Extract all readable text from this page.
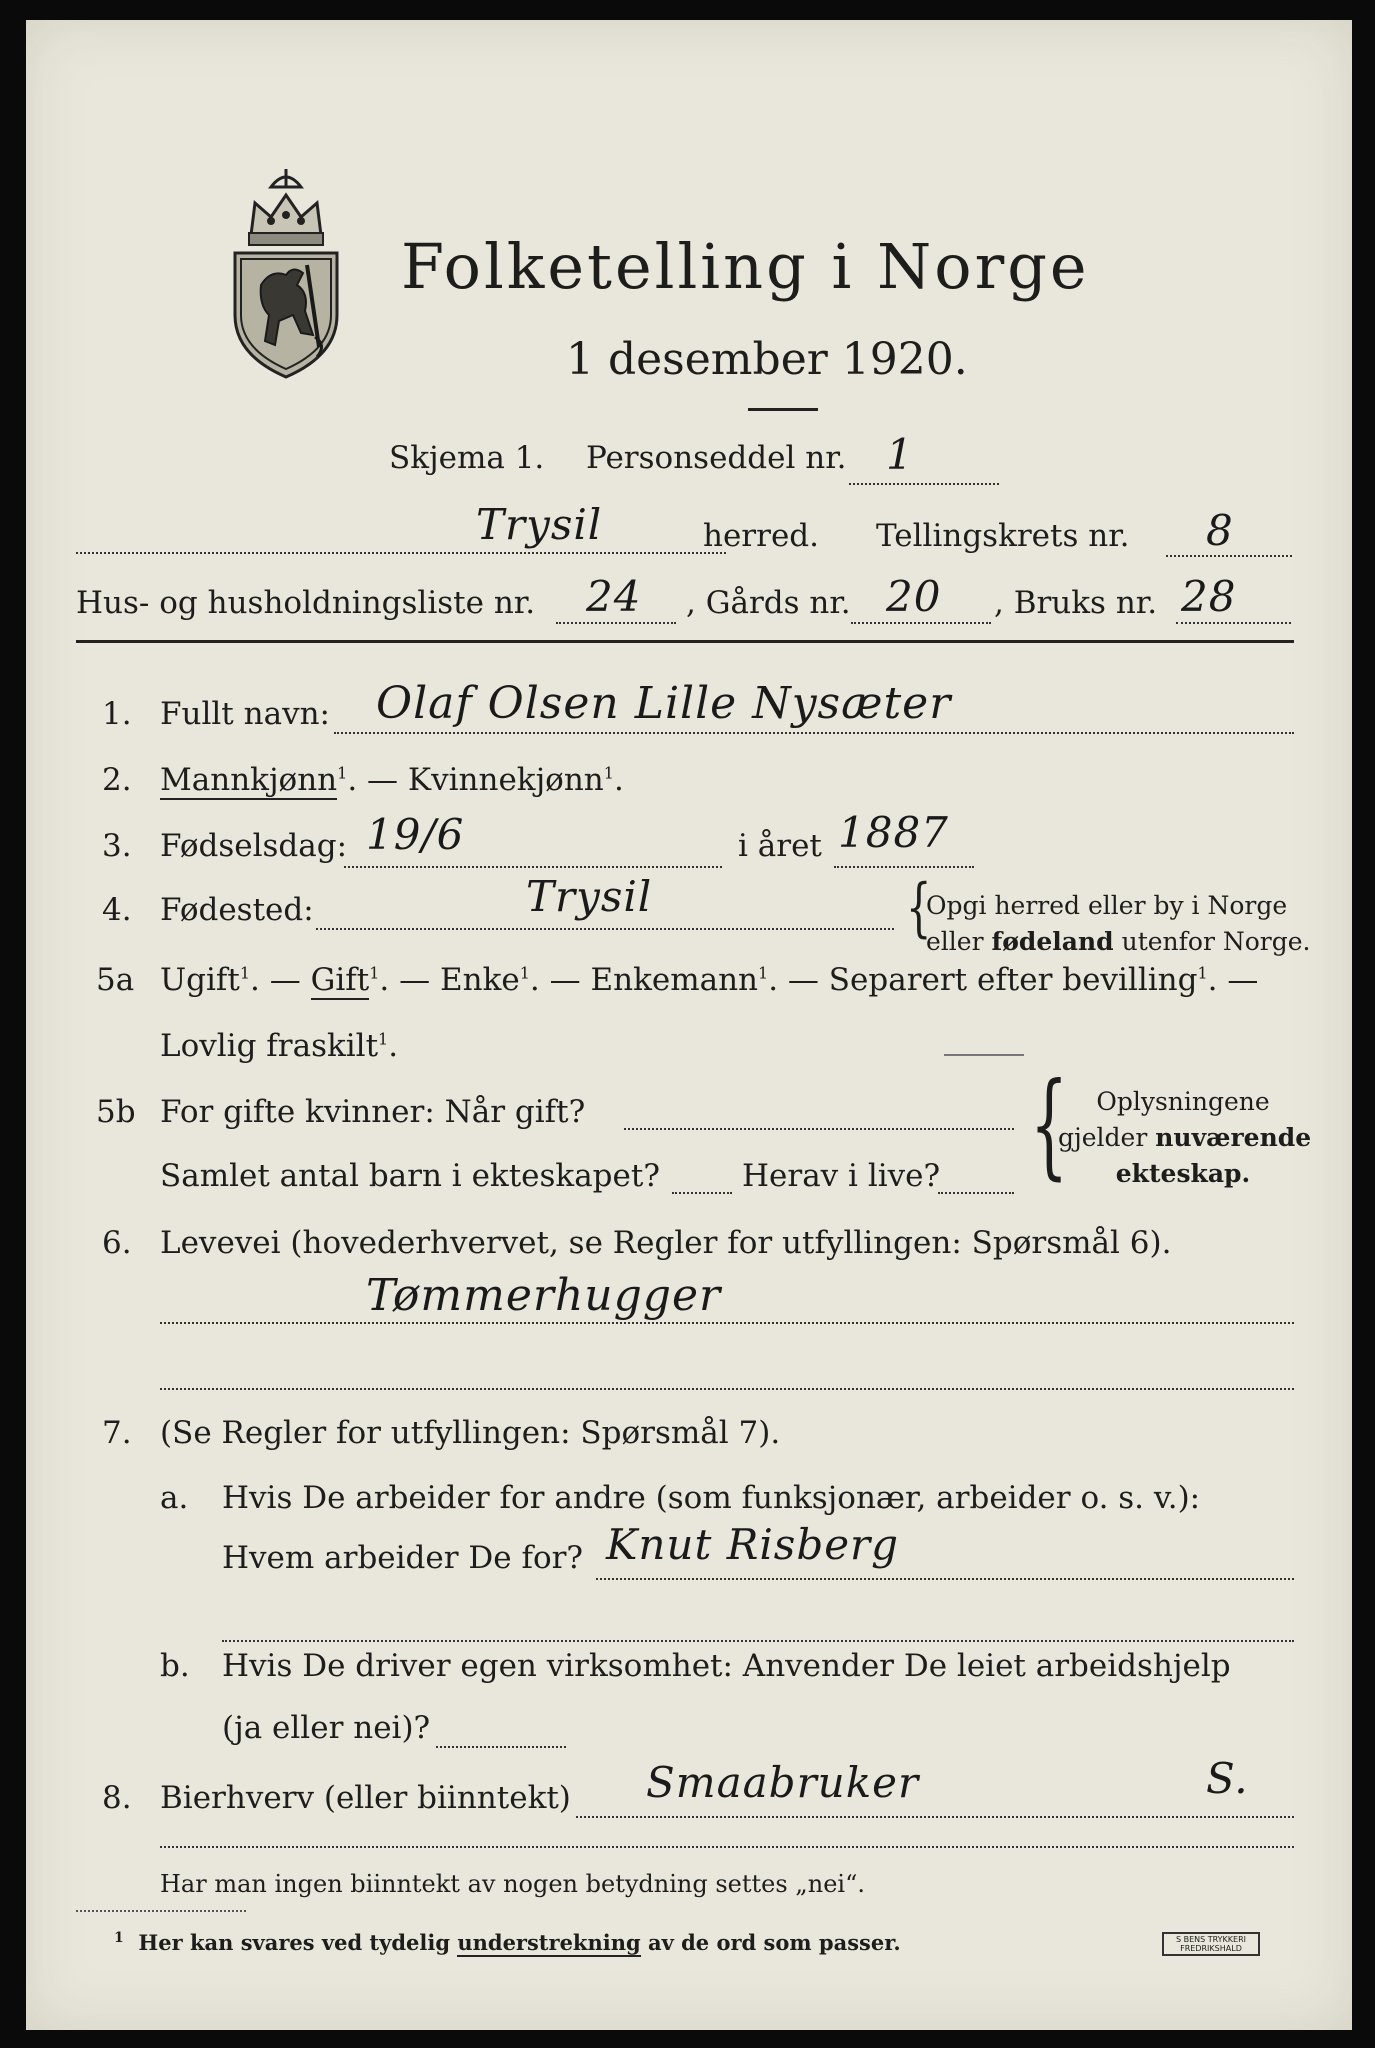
Folketelling i Norge
1 desember 1920.
Skjema 1. Personseddel nr. 1
Trysil	herred. Tellingskrets nr. 8
Hus- og husholdningsliste nr. 24 , Gårds nr. 20 , Bruks nr. 28
1. Fullt navn: Olaf Olsen Lille Nysæter
2. Mannkjønn$^1$. — Kvinnekjønn$^1$.
3. Fødselsdag: 19/6	i året 1887
4. Fødested:	Trysil	{
Opgi herred eller by i Norge
eller fødeland utenfor Norge.
5a Ugift$^1$. — Gift$^1$. — Enke$^1$. — Enkemann$^1$. — Separert efter bevilling$^1$. —
Lovlig fraskilt$^1$.
5b For gifte kvinner: Når gift?
Samlet antal barn i ekteskapet?	Herav i live? {	Oplysningene
gjelder nuværende
ekteskap.
6. Levevei (hovederhvervet, se Regler for utfyllingen: Spørsmål 6).
Tømmerhugger
7. (Se Regler for utfyllingen: Spørsmål 7).
a. Hvis De arbeider for andre (som funksjonær, arbeider o. s. v.):
Hvem arbeider De for? Knut Risberg
b. Hvis De driver egen virksomhet: Anvender De leiet arbeidshjelp
(ja eller nei)?
8. Bierhverv (eller biinntekt) Smaabruker	S.
Har man ingen biinntekt av nogen betydning settes „nei“.
$^1$ Her kan svares ved tydelig understrekning av de ord som passer.	S BENS TRYKKERI
FREDRIKSHALD
